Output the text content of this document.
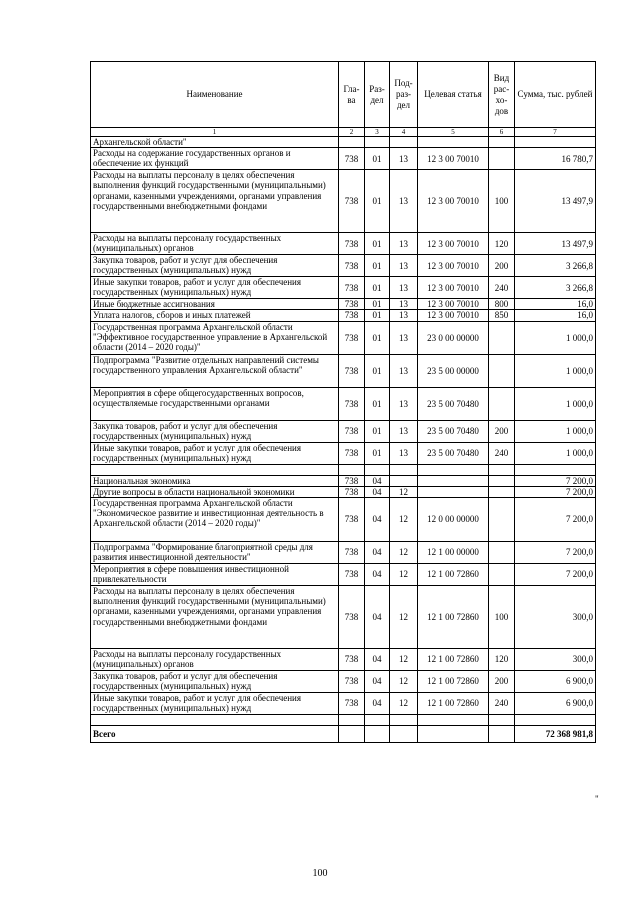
Наименование	Гла-ва	Раз-дел	Под-раз-дел	Целевая статья	Вид рас-хо-дов	Сумма, тыс. рублей
1	2	3	4	5	6	7
Архангельской области"						
Расходы на содержание государственных органов и обеспечение их функций	738	01	13	12 3 00 70010		16 780,7
Расходы на выплаты персоналу в целях обеспечения выполнения функций государственными (муниципальными) органами, казенными учреждениями, органами управления государственными внебюджетными фондами	738	01	13	12 3 00 70010	100	13 497,9
Расходы на выплаты персоналу государственных (муниципальных) органов	738	01	13	12 3 00 70010	120	13 497,9
Закупка товаров, работ и услуг для обеспечения государственных (муниципальных) нужд	738	01	13	12 3 00 70010	200	3 266,8
Иные закупки товаров, работ и услуг для обеспечения государственных (муниципальных) нужд	738	01	13	12 3 00 70010	240	3 266,8
Иные бюджетные ассигнования	738	01	13	12 3 00 70010	800	16,0
Уплата налогов, сборов и иных платежей	738	01	13	12 3 00 70010	850	16,0
Государственная программа Архангельской области "Эффективное государственное управление в Архангельской области (2014 – 2020 годы)"	738	01	13	23 0 00 00000		1 000,0
Подпрограмма "Развитие отдельных направлений системы государственного управления Архангельской области"	738	01	13	23 5 00 00000		1 000,0
Мероприятия в сфере общегосударственных вопросов, осуществляемые государственными органами	738	01	13	23 5 00 70480		1 000,0
Закупка товаров, работ и услуг для обеспечения государственных (муниципальных) нужд	738	01	13	23 5 00 70480	200	1 000,0
Иные закупки товаров, работ и услуг для обеспечения государственных (муниципальных) нужд	738	01	13	23 5 00 70480	240	1 000,0

Национальная экономика	738	04				7 200,0
Другие вопросы в области национальной экономики	738	04	12			7 200,0
Государственная программа Архангельской области "Экономическое развитие и инвестиционная деятельность в Архангельской области (2014 – 2020 годы)"	738	04	12	12 0 00 00000		7 200,0
Подпрограмма "Формирование благоприятной среды для развития инвестиционной деятельности"	738	04	12	12 1 00 00000		7 200,0
Мероприятия в сфере повышения инвестиционной привлекательности	738	04	12	12 1 00 72860		7 200,0
Расходы на выплаты персоналу в целях обеспечения выполнения функций государственными (муниципальными) органами, казенными учреждениями, органами управления государственными внебюджетными фондами	738	04	12	12 1 00 72860	100	300,0
Расходы на выплаты персоналу государственных (муниципальных) органов	738	04	12	12 1 00 72860	120	300,0
Закупка товаров, работ и услуг для обеспечения государственных (муниципальных) нужд	738	04	12	12 1 00 72860	200	6 900,0
Иные закупки товаров, работ и услуг для обеспечения государственных (муниципальных) нужд	738	04	12	12 1 00 72860	240	6 900,0

Всего						72 368 981,8
"
100
